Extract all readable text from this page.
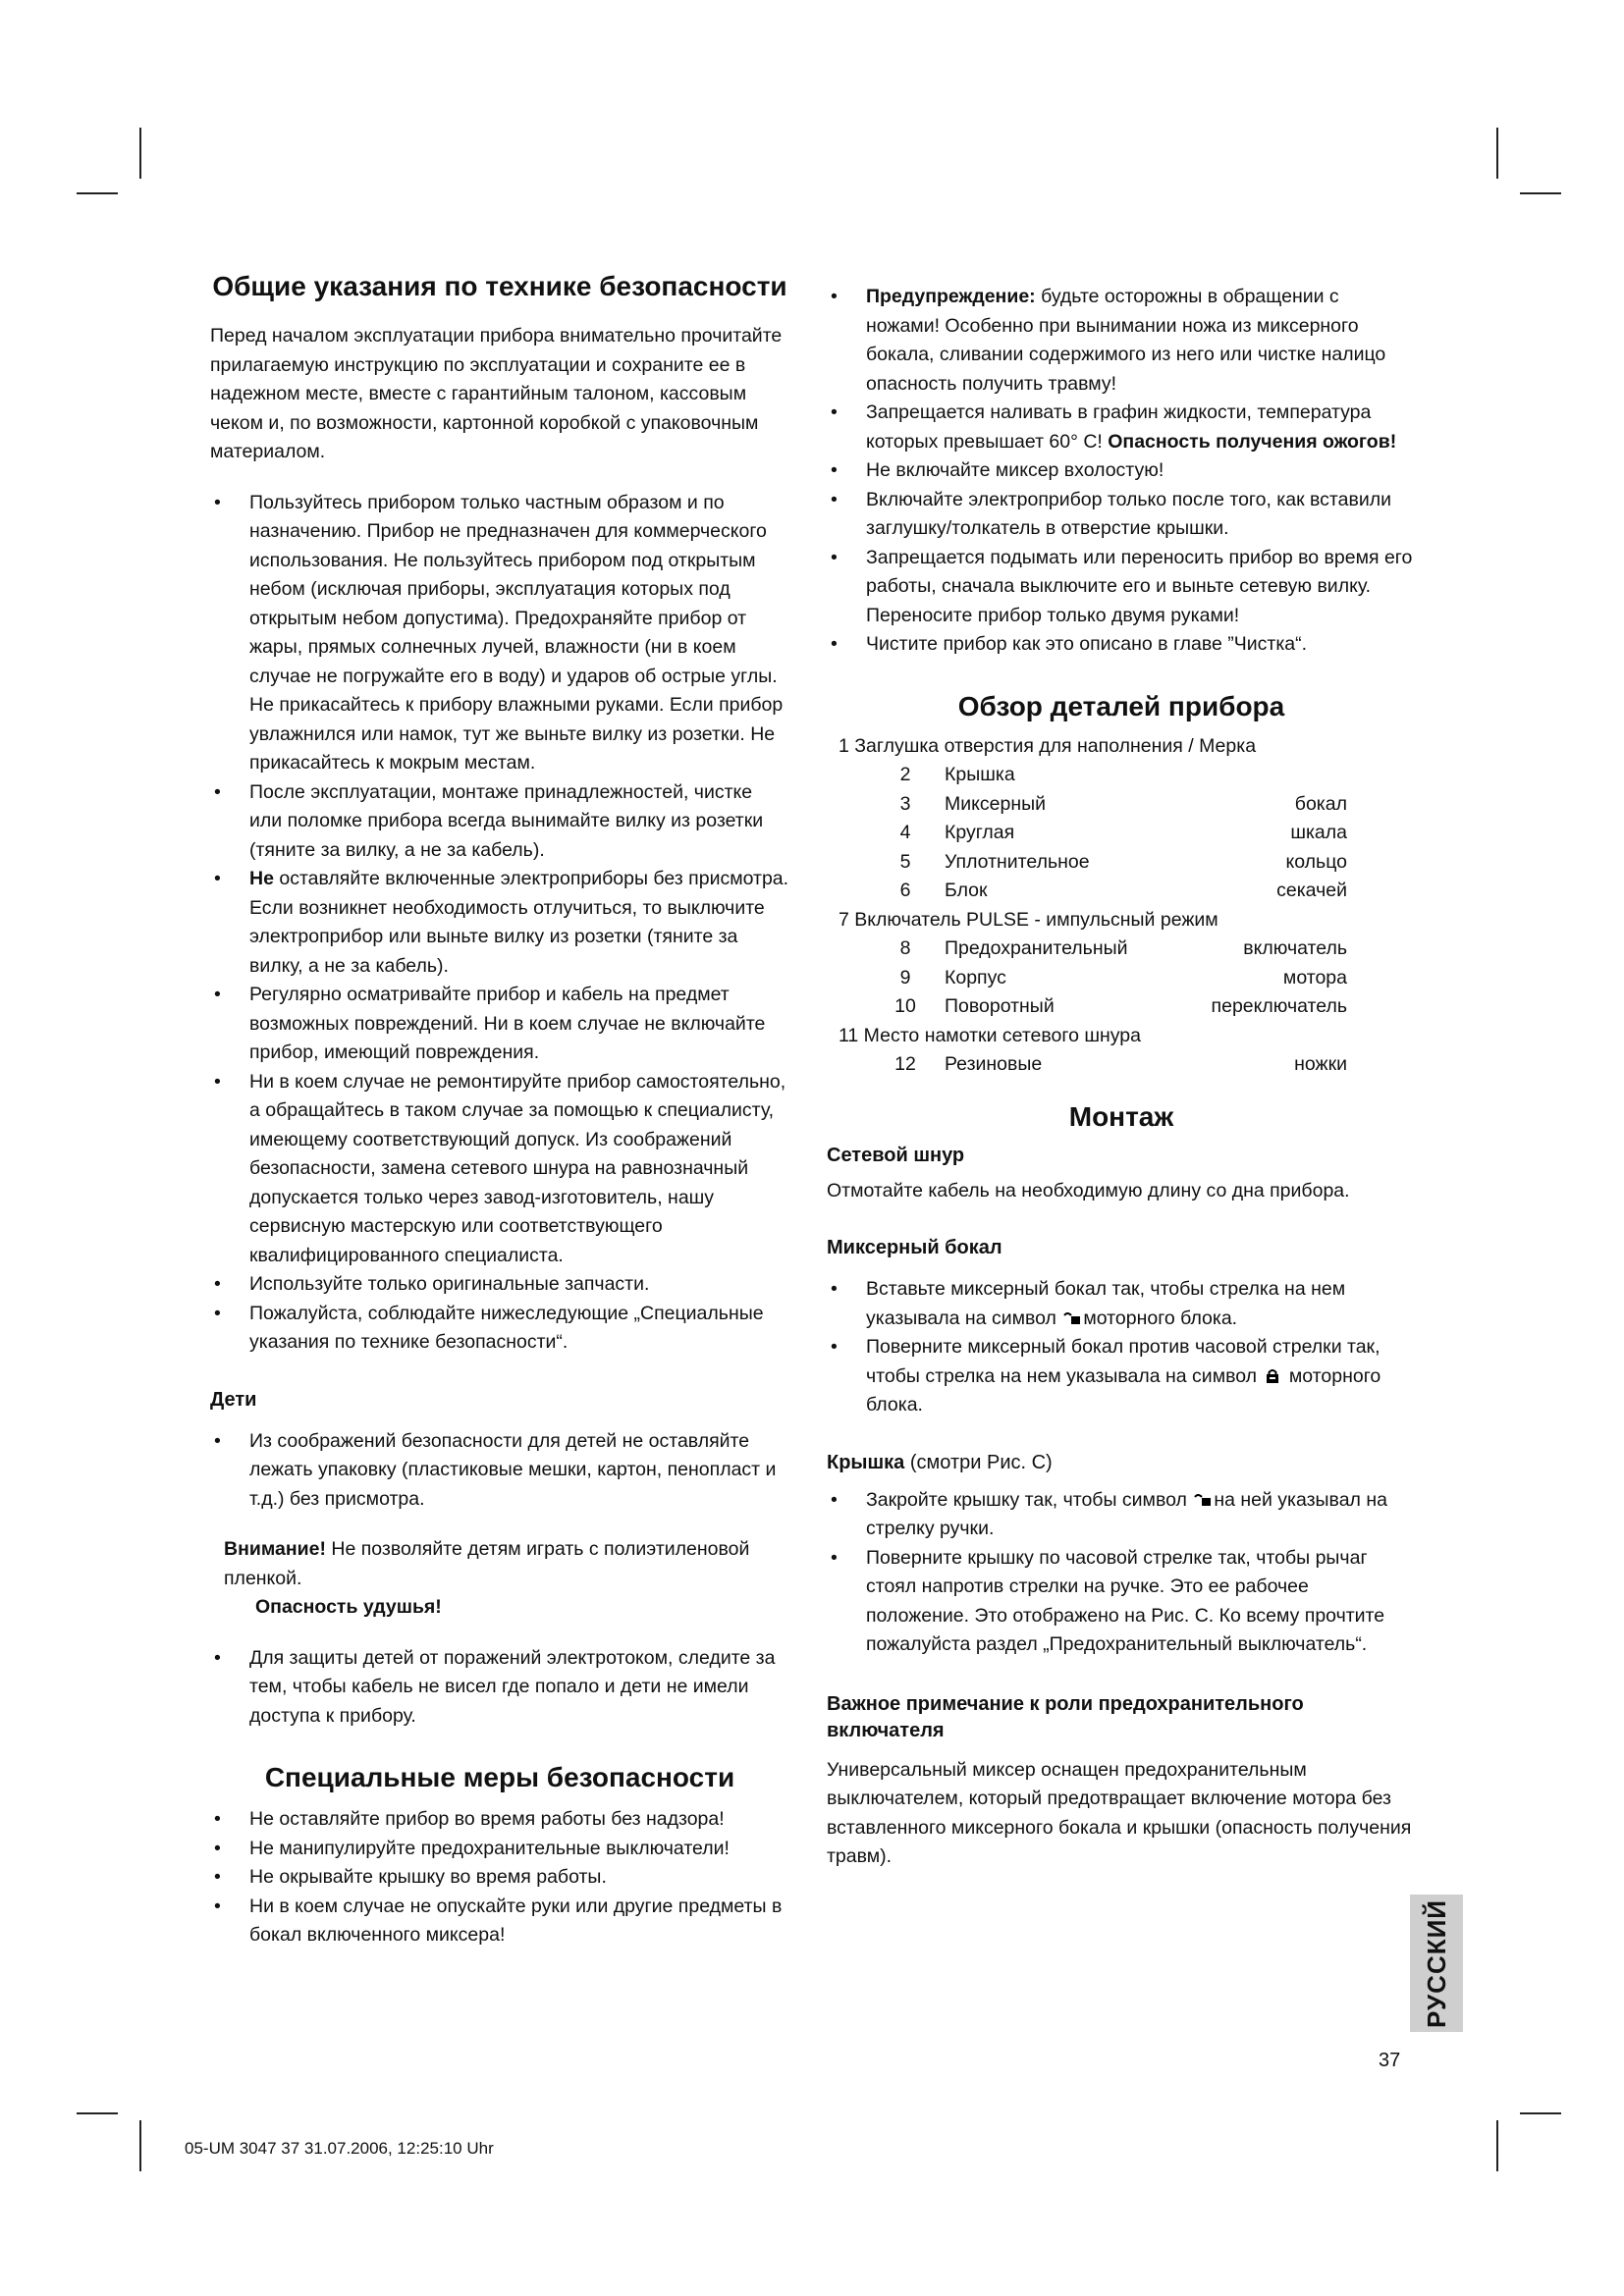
Общие указания по технике безопасности

Перед началом эксплуатации прибора внимательно прочитайте прилагаемую инструкцию по эксплуатации и сохраните ее в надежном месте, вместе с гарантийным талоном, кассовым чеком и, по возможности, картонной коробкой с упаковочным материалом.

• Пользуйтесь прибором только частным образом и по назначению. Прибор не предназначен для коммерческого использования. Не пользуйтесь прибором под открытым небом (исключая приборы, эксплуатация которых под открытым небом допустима). Предохраняйте прибор от жары, прямых солнечных лучей, влажности (ни в коем случае не погружайте его в воду) и ударов об острые углы. Не прикасайтесь к прибору влажными руками. Если прибор увлажнился или намок, тут же выньте вилку из розетки. Не прикасайтесь к мокрым местам.
• После эксплуатации, монтаже принадлежностей, чистке или поломке прибора всегда вынимайте вилку из розетки (тяните за вилку, а не за кабель).
• Не оставляйте включенные электроприборы без присмотра. Если возникнет необходимость отлучиться, то выключите электроприбор или выньте вилку из розетки (тяните за вилку, а не за кабель).
• Регулярно осматривайте прибор и кабель на предмет возможных повреждений. Ни в коем случае не включайте прибор, имеющий повреждения.
• Ни в коем случае не ремонтируйте прибор самостоятельно, а обращайтесь в таком случае за помощью к специалисту, имеющему соответствующий допуск. Из соображений безопасности, замена сетевого шнура на равнозначный допускается только через завод-изготовитель, нашу сервисную мастерскую или соответствующего квалифицированного специалиста.
• Используйте только оригинальные запчасти.
• Пожалуйста, соблюдайте нижеследующие „Специальные указания по технике безопасности“.
Дети
• Из соображений безопасности для детей не оставляйте лежать упаковку (пластиковые мешки, картон, пенопласт и т.д.) без присмотра.
Внимание! Не позволяйте детям играть с полиэтиленовой пленкой.
Опасность удушья!
• Для защиты детей от поражений электротоком, следите за тем, чтобы кабель не висел где попало и дети не имели доступа к прибору.
Специальные меры безопасности
• Не оставляйте прибор во время работы без надзора!
• Не манипулируйте предохранительные выключатели!
• Не окрывайте крышку во время работы.
• Ни в коем случае не опускайте руки или другие предметы в бокал включенного миксера!
• Предупреждение: будьте осторожны в обращении с ножами! Особенно при вынимании ножа из миксерного бокала, сливании содержимого из него или чистке налицо опасность получить травму!
• Запрещается наливать в графин жидкости, температура которых превышает 60° С! Опасность получения ожогов!
• Не включайте миксер вхолостую!
• Включайте электроприбор только после того, как вставили заглушку/толкатель в отверстие крышки.
• Запрещается подымать или переносить прибор во время его работы, сначала выключите его и выньте сетевую вилку. Переносите прибор только двумя руками!
• Чистите прибор как это описано в главе ”Чистка“.
Обзор деталей прибора
1 Заглушка отверстия для наполнения / Мерка
2	Крышка
3	Миксерный	бокал
4	Круглая	шкала
5	Уплотнительное	кольцо
6	Блок	секачей
7 Включатель PULSE - импульсный режим
8	Предохранительный	включатель
9	Корпус	мотора
10	Поворотный	переключатель
11 Место намотки сетевого шнура
12	Резиновые	ножки
Монтаж
Сетевой шнур

Отмотайте кабель на необходимую длину со дна прибора.

Миксерный бокал
• Вставьте миксерный бокал так, чтобы стрелка на нем указывала на символ моторного блока.
• Поверните миксерный бокал против часовой стрелки так, чтобы стрелка на нем указывала на символ  моторного блока.
Крышка (смотри Рис. C)
• Закройте крышку так, чтобы символ на ней указывал на стрелку ручки.
• Поверните крышку по часовой стрелке так, чтобы рычаг стоял напротив стрелки на ручке. Это ее рабочее положение. Это отображено на Рис. C. Ко всему прочтите пожалуйста раздел „Предохранительный выключатель“.
Важное примечание к роли предохранительного включателя

Универсальный миксер оснащен предохранительным выключателем, который предотвращает включение мотора без вставленного миксерного бокала и крышки (опасность получения травм).

РУССКИЙ
37
05-UM 3047 37 31.07.2006, 12:25:10 Uhr
